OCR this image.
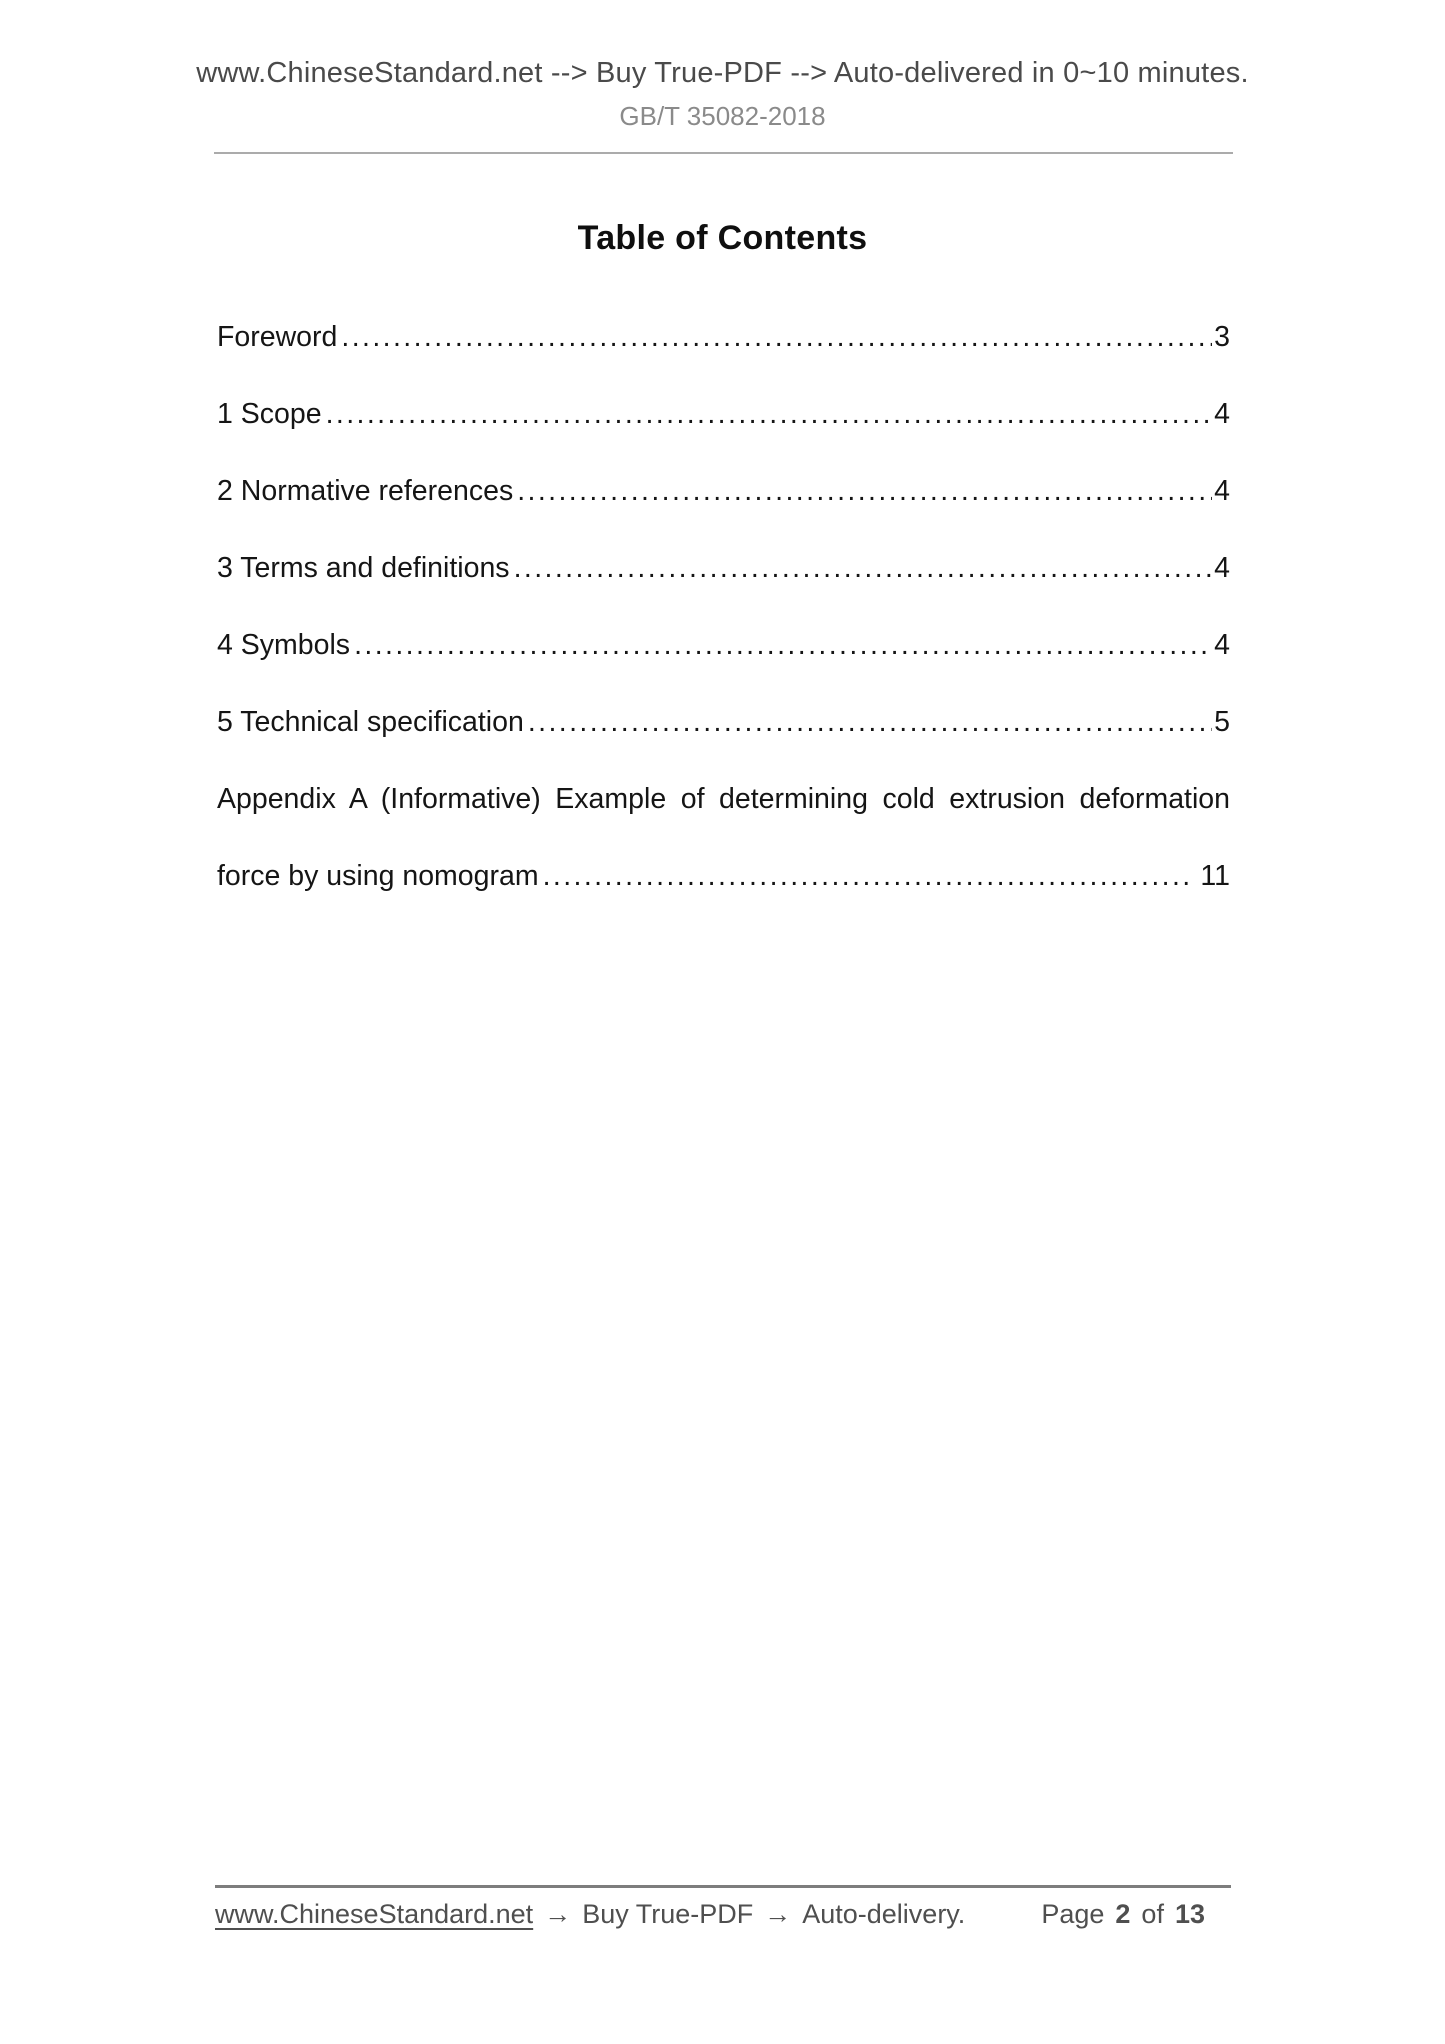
www.ChineseStandard.net --> Buy True-PDF --> Auto-delivered in 0~10 minutes.
GB/T 35082-2018
Table of Contents
Foreword .....	3
1 Scope .....	4
2 Normative references .....	4
3 Terms and definitions .....	4
4 Symbols .....	4
5 Technical specification .....	5
Appendix A (Informative) Example of determining cold extrusion deformation
force by using nomogram .....	11
www.ChineseStandard.net → Buy True-PDF → Auto-delivery.	Page 2 of 13
